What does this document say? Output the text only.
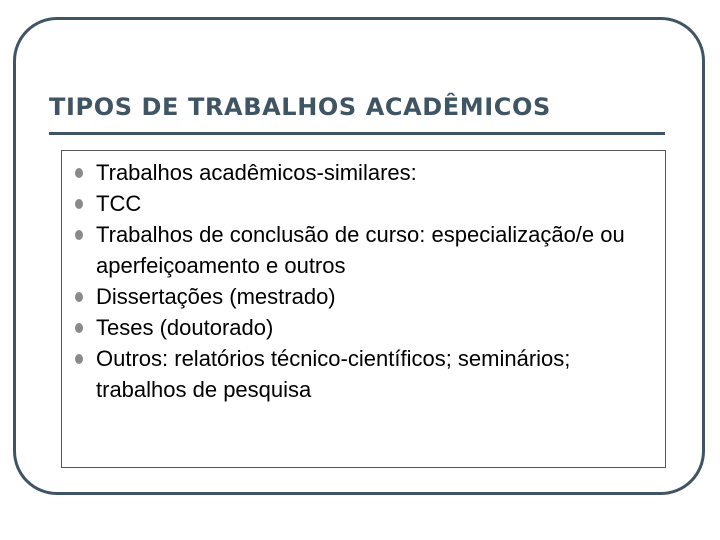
TIPOS DE TRABALHOS ACADÊMICOS
Trabalhos acadêmicos-similares:
TCC
Trabalhos de conclusão de curso: especialização/e ou aperfeiçoamento e outros
Dissertações (mestrado)
Teses (doutorado)
Outros: relatórios técnico-científicos; seminários; trabalhos de pesquisa
